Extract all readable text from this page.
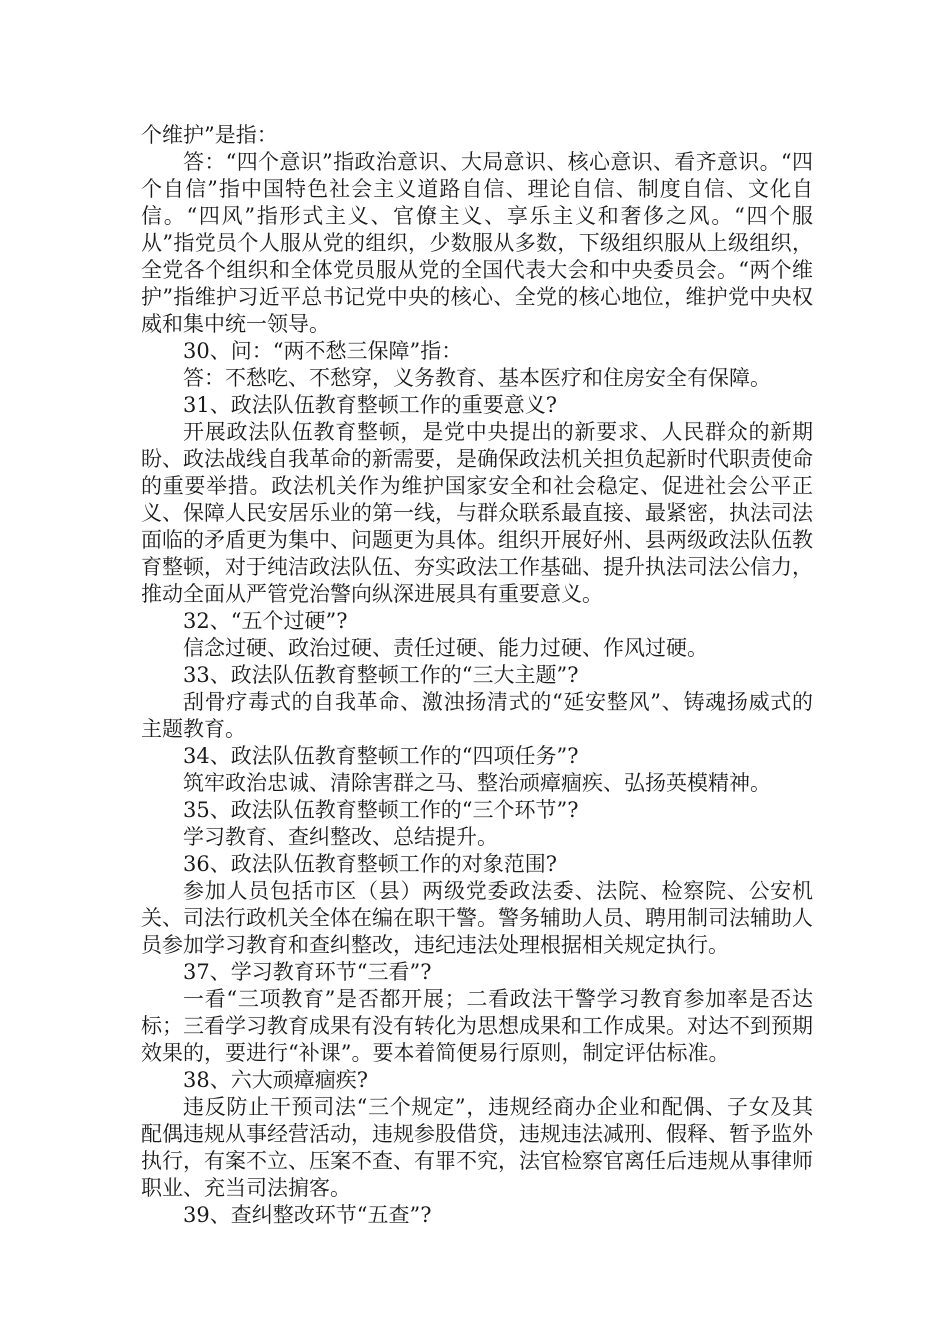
个维护”是指：

答：“四个意识”指政治意识、大局意识、核心意识、看齐意识。“四个自信”指中国特色社会主义道路自信、理论自信、制度自信、文化自信。“四风”指形式主义、官僚主义、享乐主义和奢侈之风。“四个服从”指党员个人服从党的组织，少数服从多数，下级组织服从上级组织，全党各个组织和全体党员服从党的全国代表大会和中央委员会。“两个维护”指维护习近平总书记党中央的核心、全党的核心地位，维护党中央权威和集中统一领导。

30、问：“两不愁三保障”指：

答：不愁吃、不愁穿，义务教育、基本医疗和住房安全有保障。

31、政法队伍教育整顿工作的重要意义?

开展政法队伍教育整顿，是党中央提出的新要求、人民群众的新期盼、政法战线自我革命的新需要，是确保政法机关担负起新时代职责使命的重要举措。政法机关作为维护国家安全和社会稳定、促进社会公平正义、保障人民安居乐业的第一线，与群众联系最直接、最紧密，执法司法面临的矛盾更为集中、问题更为具体。组织开展好州、县两级政法队伍教育整顿，对于纯洁政法队伍、夯实政法工作基础、提升执法司法公信力，推动全面从严管党治警向纵深进展具有重要意义。

32、“五个过硬”?

信念过硬、政治过硬、责任过硬、能力过硬、作风过硬。

33、政法队伍教育整顿工作的“三大主题”?

刮骨疗毒式的自我革命、激浊扬清式的“延安整风”、铸魂扬威式的主题教育。

34、政法队伍教育整顿工作的“四项任务”?

筑牢政治忠诚、清除害群之马、整治顽瘴痼疾、弘扬英模精神。

35、政法队伍教育整顿工作的“三个环节”?

学习教育、查纠整改、总结提升。

36、政法队伍教育整顿工作的对象范围?

参加人员包括市区（县）两级党委政法委、法院、检察院、公安机关、司法行政机关全体在编在职干警。警务辅助人员、聘用制司法辅助人员参加学习教育和查纠整改，违纪违法处理根据相关规定执行。

37、学习教育环节“三看”?

一看“三项教育”是否都开展；二看政法干警学习教育参加率是否达标；三看学习教育成果有没有转化为思想成果和工作成果。对达不到预期效果的，要进行“补课”。要本着简便易行原则，制定评估标准。

38、六大顽瘴痼疾?

违反防止干预司法“三个规定”，违规经商办企业和配偶、子女及其配偶违规从事经营活动，违规参股借贷，违规违法减刑、假释、暂予监外执行，有案不立、压案不查、有罪不究，法官检察官离任后违规从事律师职业、充当司法掮客。

39、查纠整改环节“五查”?
